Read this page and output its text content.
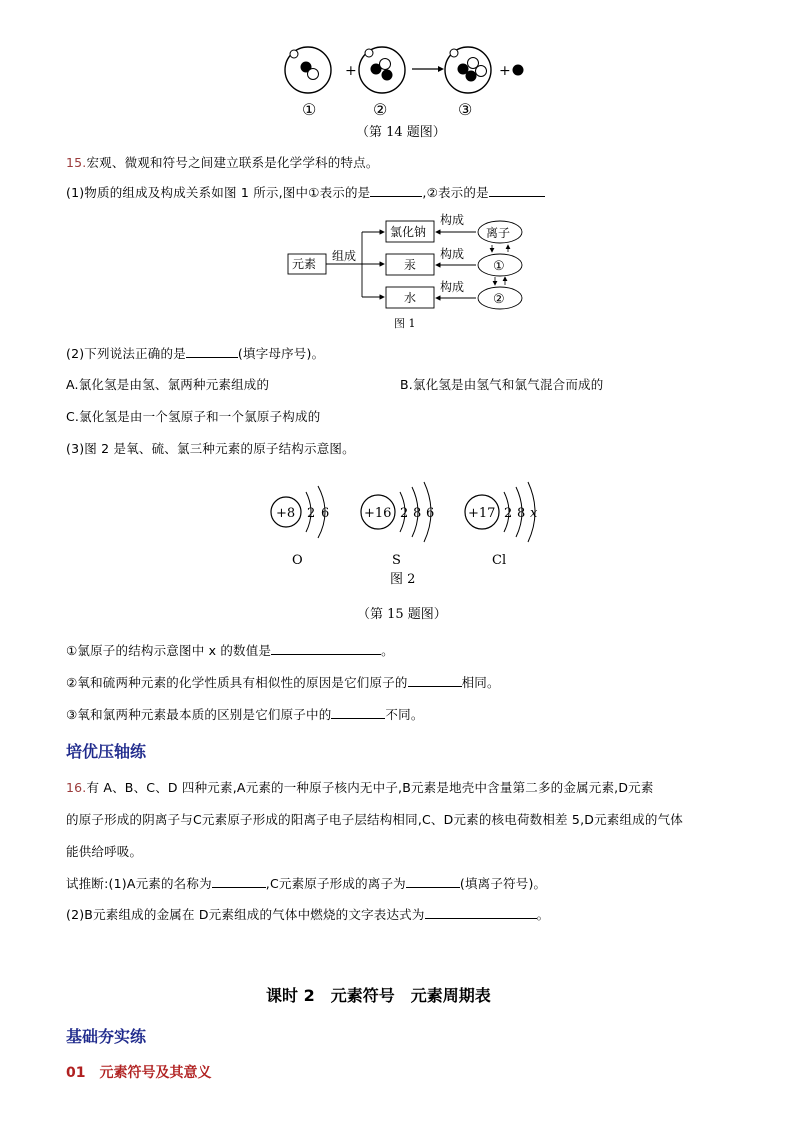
+	+
①	②	③
（第 14 题图）
15.宏观、微观和符号之间建立联系是化学学科的特点。
(1)物质的组成及构成关系如图 1 所示,图中①表示的是	,②表示的是
元素
组成
氯化钠
汞
水
构成
构成
构成
离子
①
②
图 1
(2)下列说法正确的是	(填字母序号)。
A.氯化氢是由氢、氯两种元素组成的	B.氯化氢是由氢气和氯气混合而成的
C.氯化氢是由一个氢原子和一个氯原子构成的
(3)图 2 是氧、硫、氯三种元素的原子结构示意图。
+8 2 6
O
+16 2 8 6
S
+17 2 8 x
Cl
图 2
（第 15 题图）
①氯原子的结构示意图中 x 的数值是	。
②氧和硫两种元素的化学性质具有相似性的原因是它们原子的	相同。
③氧和氯两种元素最本质的区别是它们原子中的	不同。
培优压轴练
16.有 A、B、C、D 四种元素,A元素的一种原子核内无中子,B元素是地壳中含量第二多的金属元素,D元素
的原子形成的阴离子与C元素原子形成的阳离子电子层结构相同,C、D元素的核电荷数相差 5,D元素组成的气体
能供给呼吸。
试推断:(1)A元素的名称为	,C元素原子形成的离子为	(填离子符号)。
(2)B元素组成的金属在 D元素组成的气体中燃烧的文字表达式为	。
课时 2　元素符号　元素周期表
基础夯实练
01　元素符号及其意义
